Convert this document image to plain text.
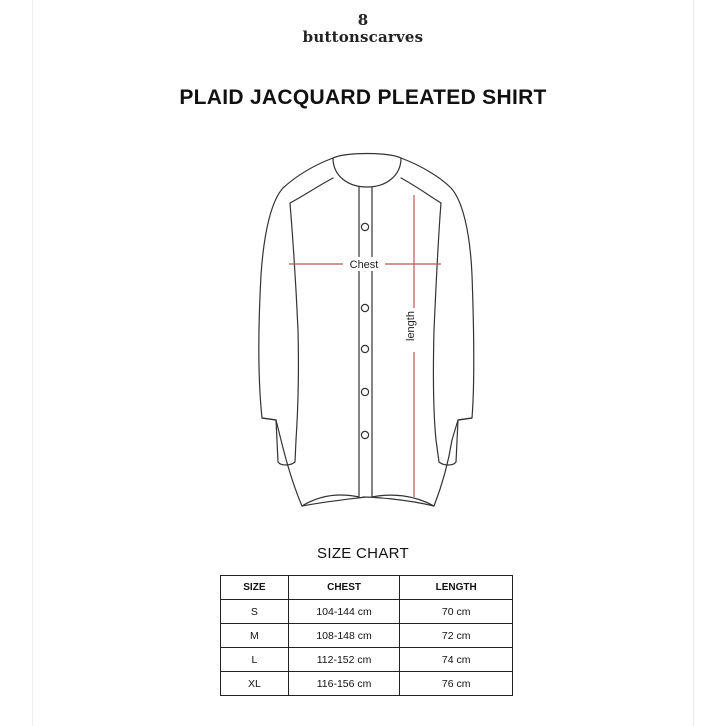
8
buttonscarves
PLAID JACQUARD PLEATED SHIRT
Chest
length
SIZE CHART
SIZE	CHEST	LENGTH
S	104-144 cm	70 cm
M	108-148 cm	72 cm
L	112-152 cm	74 cm
XL	116-156 cm	76 cm
